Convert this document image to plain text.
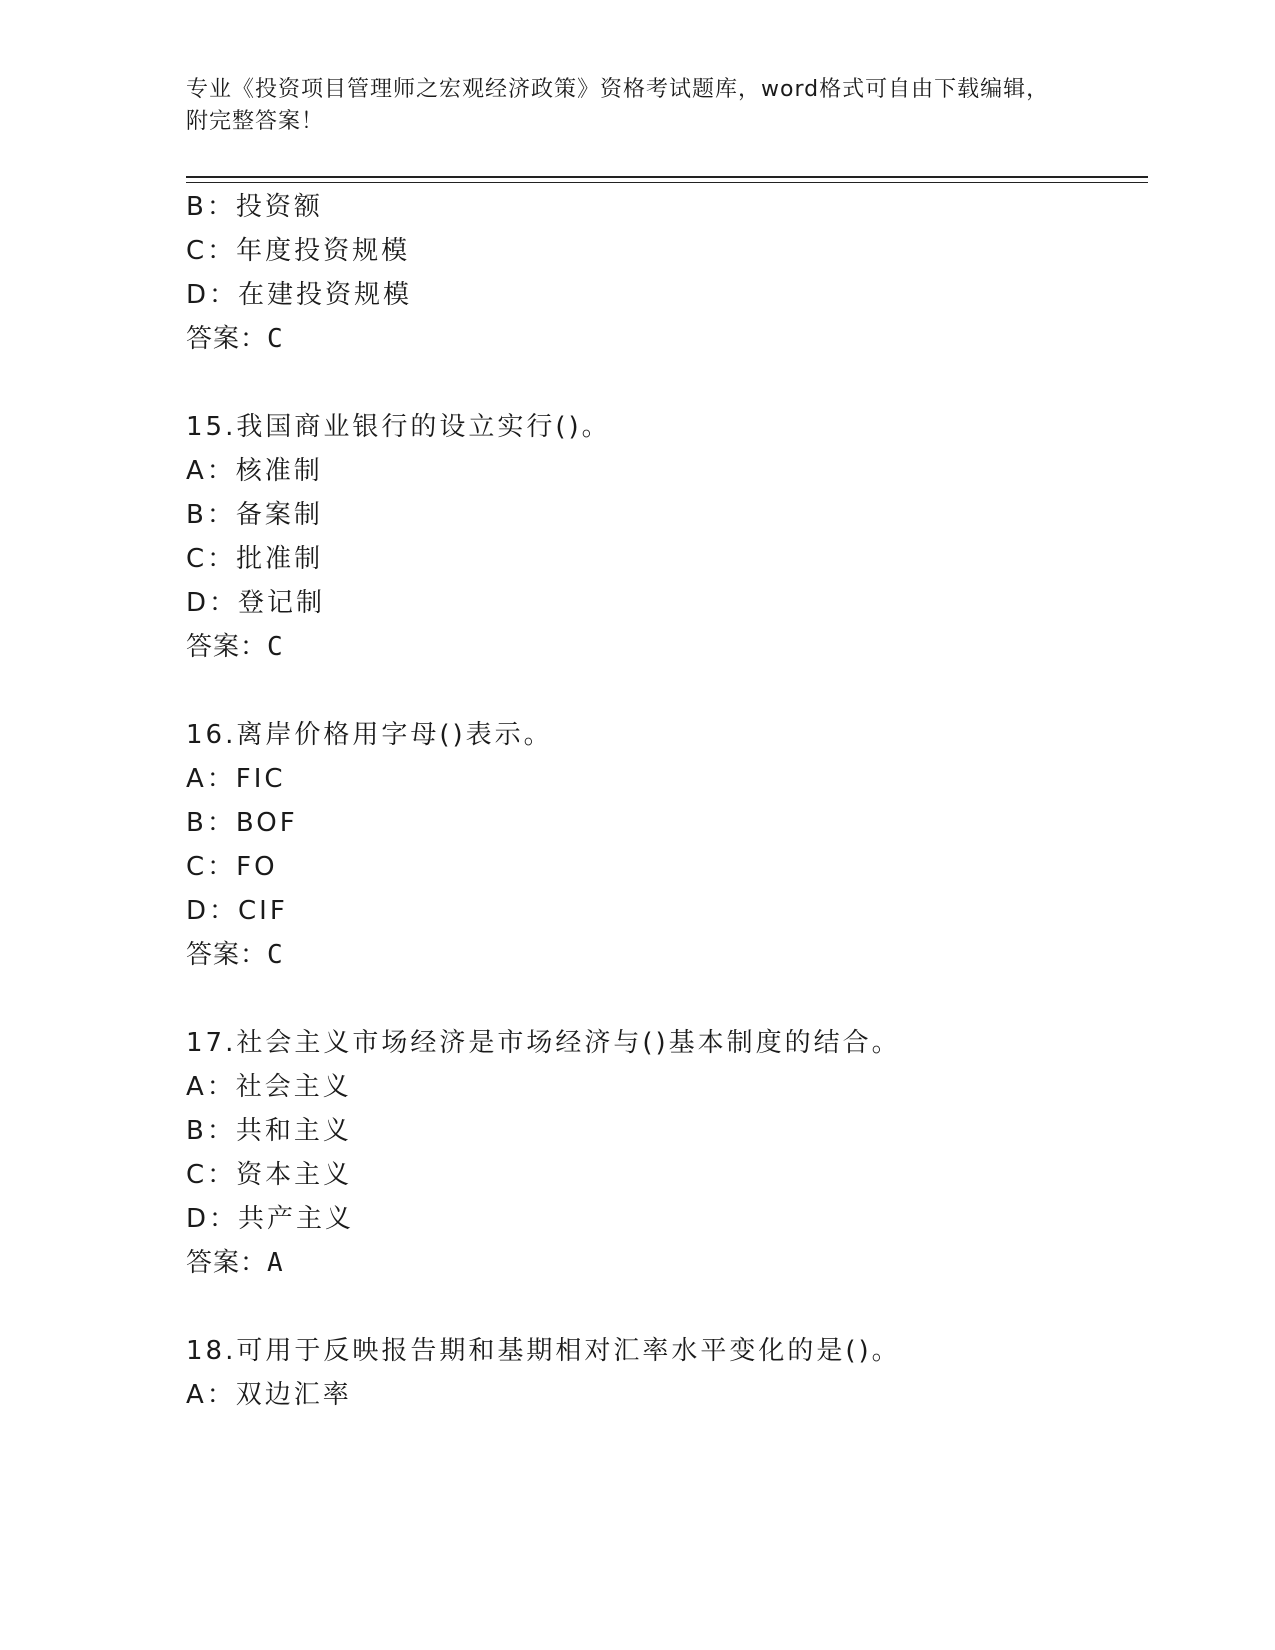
专业《投资项目管理师之宏观经济政策》资格考试题库，word格式可自由下载编辑，附完整答案！
B：投资额
C：年度投资规模
D：在建投资规模
答案：C
15.我国商业银行的设立实行()。
A：核准制
B：备案制
C：批准制
D：登记制
答案：C
16.离岸价格用字母()表示。
A：FIC
B：BOF
C：FO
D：CIF
答案：C
17.社会主义市场经济是市场经济与()基本制度的结合。
A：社会主义
B：共和主义
C：资本主义
D：共产主义
答案：A
18.可用于反映报告期和基期相对汇率水平变化的是()。
A：双边汇率
